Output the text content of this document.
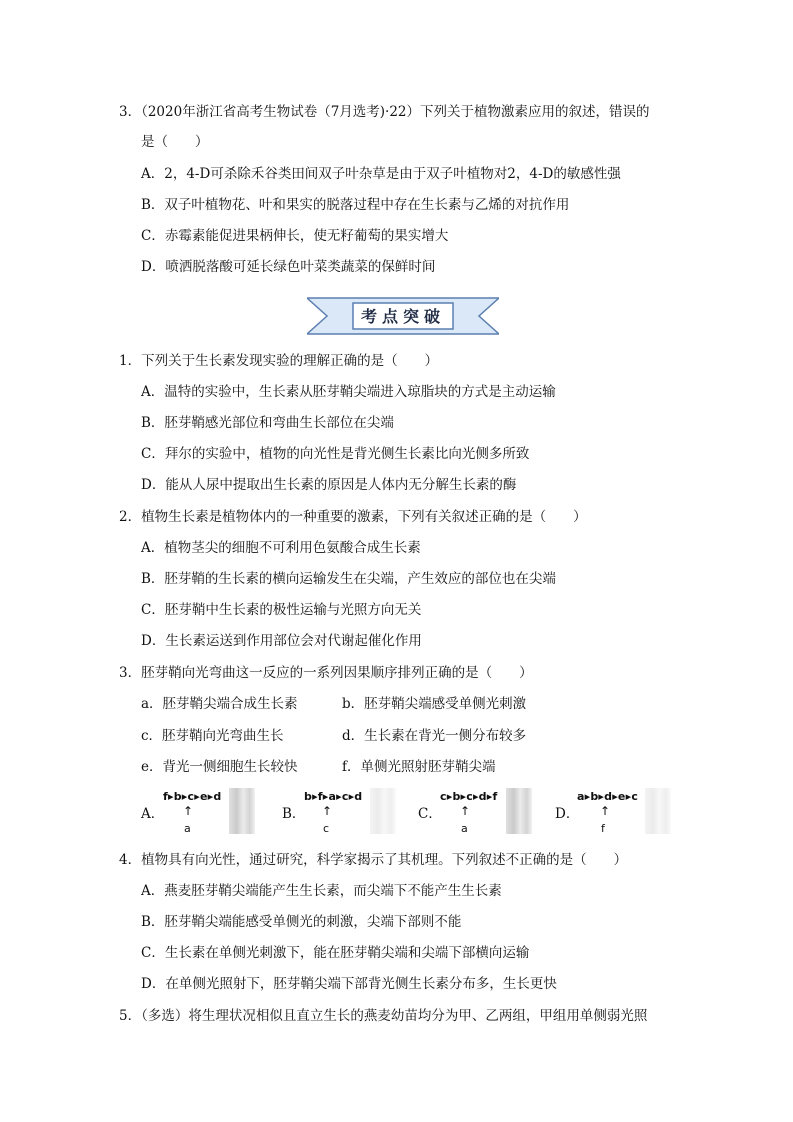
3．（2020年浙江省高考生物试卷（7月选考)·22）下列关于植物激素应用的叙述，错误的
是（　　）
A．2，4-D可杀除禾谷类田间双子叶杂草是由于双子叶植物对2，4-D的敏感性强
B．双子叶植物花、叶和果实的脱落过程中存在生长素与乙烯的对抗作用
C．赤霉素能促进果柄伸长，使无籽葡萄的果实增大
D．喷洒脱落酸可延长绿色叶菜类蔬菜的保鲜时间
考点突破
1．下列关于生长素发现实验的理解正确的是（　　）
A．温特的实验中，生长素从胚芽鞘尖端进入琼脂块的方式是主动运输
B．胚芽鞘感光部位和弯曲生长部位在尖端
C．拜尔的实验中，植物的向光性是背光侧生长素比向光侧多所致
D．能从人尿中提取出生长素的原因是人体内无分解生长素的酶
2．植物生长素是植物体内的一种重要的激素，下列有关叙述正确的是（　　）
A．植物茎尖的细胞不可利用色氨酸合成生长素
B．胚芽鞘的生长素的横向运输发生在尖端，产生效应的部位也在尖端
C．胚芽鞘中生长素的极性运输与光照方向无关
D．生长素运送到作用部位会对代谢起催化作用
3．胚芽鞘向光弯曲这一反应的一系列因果顺序排列正确的是（　　）
a．胚芽鞘尖端合成生长素	b．胚芽鞘尖端感受单侧光刺激
c．胚芽鞘向光弯曲生长	d．生长素在背光一侧分布较多
e．背光一侧细胞生长较快	f．单侧光照射胚芽鞘尖端
A．
f▸b▸c▸e▸d
↑
a
B．
b▸f▸a▸c▸d
↑
c
C．
c▸b▸c▸d▸f
↑
a
D．
a▸b▸d▸e▸c
↑
f
4．植物具有向光性，通过研究，科学家揭示了其机理。下列叙述不正确的是（　　）
A．燕麦胚芽鞘尖端能产生生长素，而尖端下不能产生生长素
B．胚芽鞘尖端能感受单侧光的刺激，尖端下部则不能
C．生长素在单侧光刺激下，能在胚芽鞘尖端和尖端下部横向运输
D．在单侧光照射下，胚芽鞘尖端下部背光侧生长素分布多，生长更快
5．（多选）将生理状况相似且直立生长的燕麦幼苗均分为甲、乙两组，甲组用单侧弱光照
